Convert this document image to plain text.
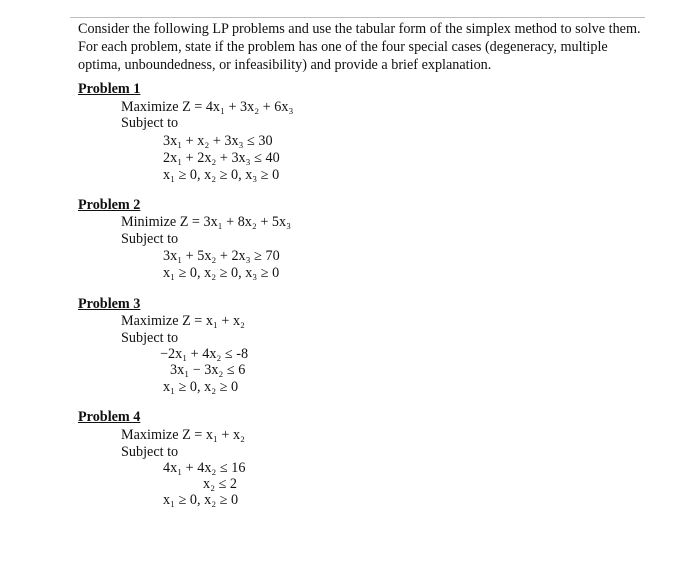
Consider the following LP problems and use the tabular form of the simplex method to solve them.
For each problem, state if the problem has one of the four special cases (degeneracy, multiple
optima, unboundedness, or infeasibility) and provide a brief explanation.
Problem 1
Maximize Z = 4x₁ + 3x₂ + 6x₃
Subject to
3x₁ + x₂ + 3x₃ ≤ 30
2x₁ + 2x₂ + 3x₃ ≤ 40
x₁ ≥ 0, x₂ ≥ 0, x₃ ≥ 0
Problem 2
Minimize Z = 3x₁ + 8x₂ + 5x₃
Subject to
3x₁ + 5x₂ + 2x₃ ≥ 70
x₁ ≥ 0, x₂ ≥ 0, x₃ ≥ 0
Problem 3
Maximize Z = x₁ + x₂
Subject to
−2x₁ + 4x₂ ≤ -8
3x₁ − 3x₂ ≤ 6
x₁ ≥ 0, x₂ ≥ 0
Problem 4
Maximize Z = x₁ + x₂
Subject to
4x₁ + 4x₂ ≤ 16
x₂ ≤ 2
x₁ ≥ 0, x₂ ≥ 0
